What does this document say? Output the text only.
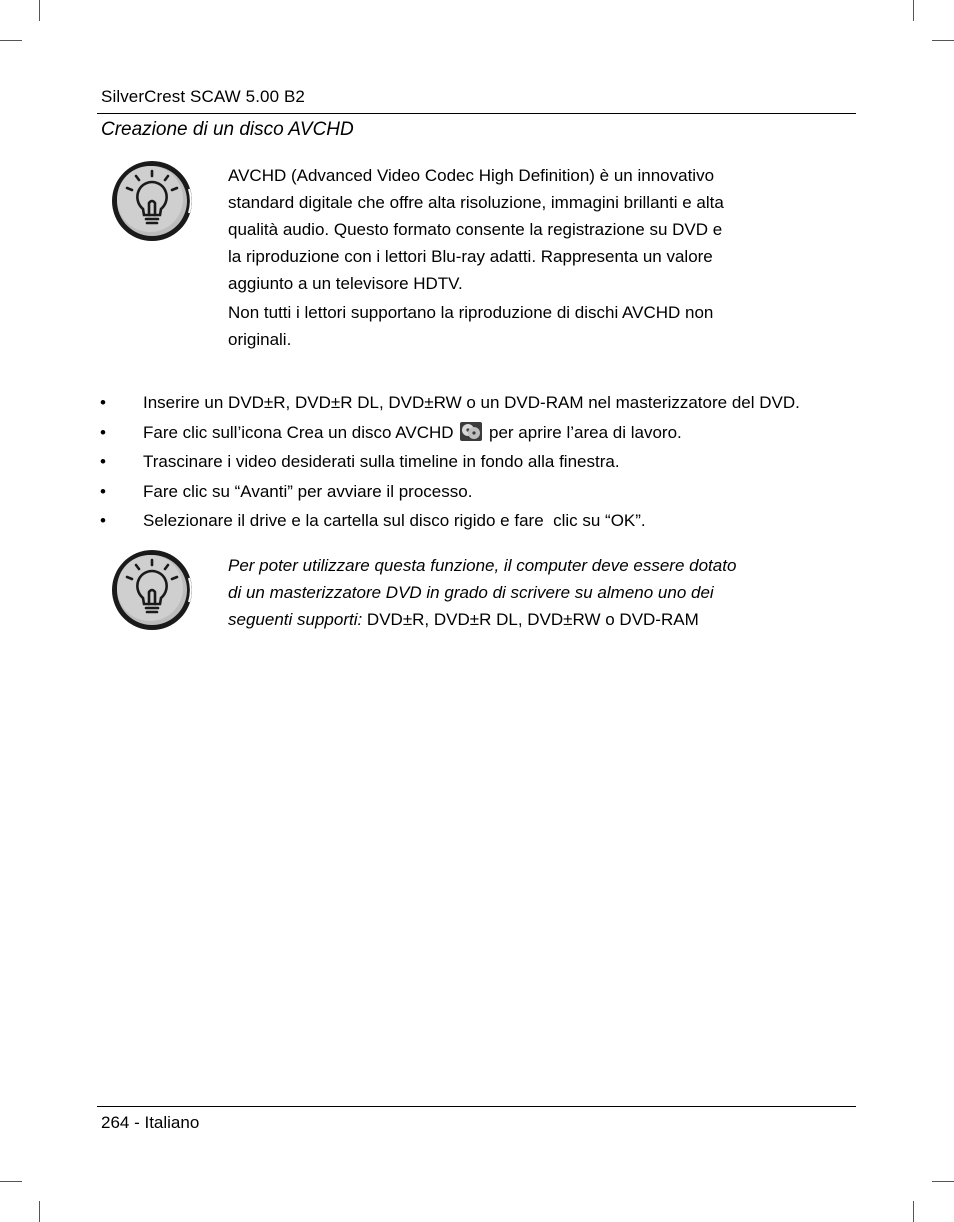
SilverCrest SCAW 5.00 B2
Creazione di un disco AVCHD
AVCHD (Advanced Video Codec High Definition) è un innovativo
standard digitale che offre alta risoluzione, immagini brillanti e alta
qualità audio. Questo formato consente la registrazione su DVD e
la riproduzione con i lettori Blu-ray adatti. Rappresenta un valore
aggiunto a un televisore HDTV.
Non tutti i lettori supportano la riproduzione di dischi AVCHD non
originali.
• Inserire un DVD±R, DVD±R DL, DVD±RW o un DVD-RAM nel masterizzatore del DVD.
• Fare clic sull’icona Crea un disco AVCHD per aprire l’area di lavoro.
• Trascinare i video desiderati sulla timeline in fondo alla finestra.
• Fare clic su “Avanti” per avviare il processo.
• Selezionare il drive e la cartella sul disco rigido e fare  clic su “OK”.
Per poter utilizzare questa funzione, il computer deve essere dotato
di un masterizzatore DVD in grado di scrivere su almeno uno dei
seguenti supporti: DVD±R, DVD±R DL, DVD±RW o DVD-RAM
264 - Italiano
